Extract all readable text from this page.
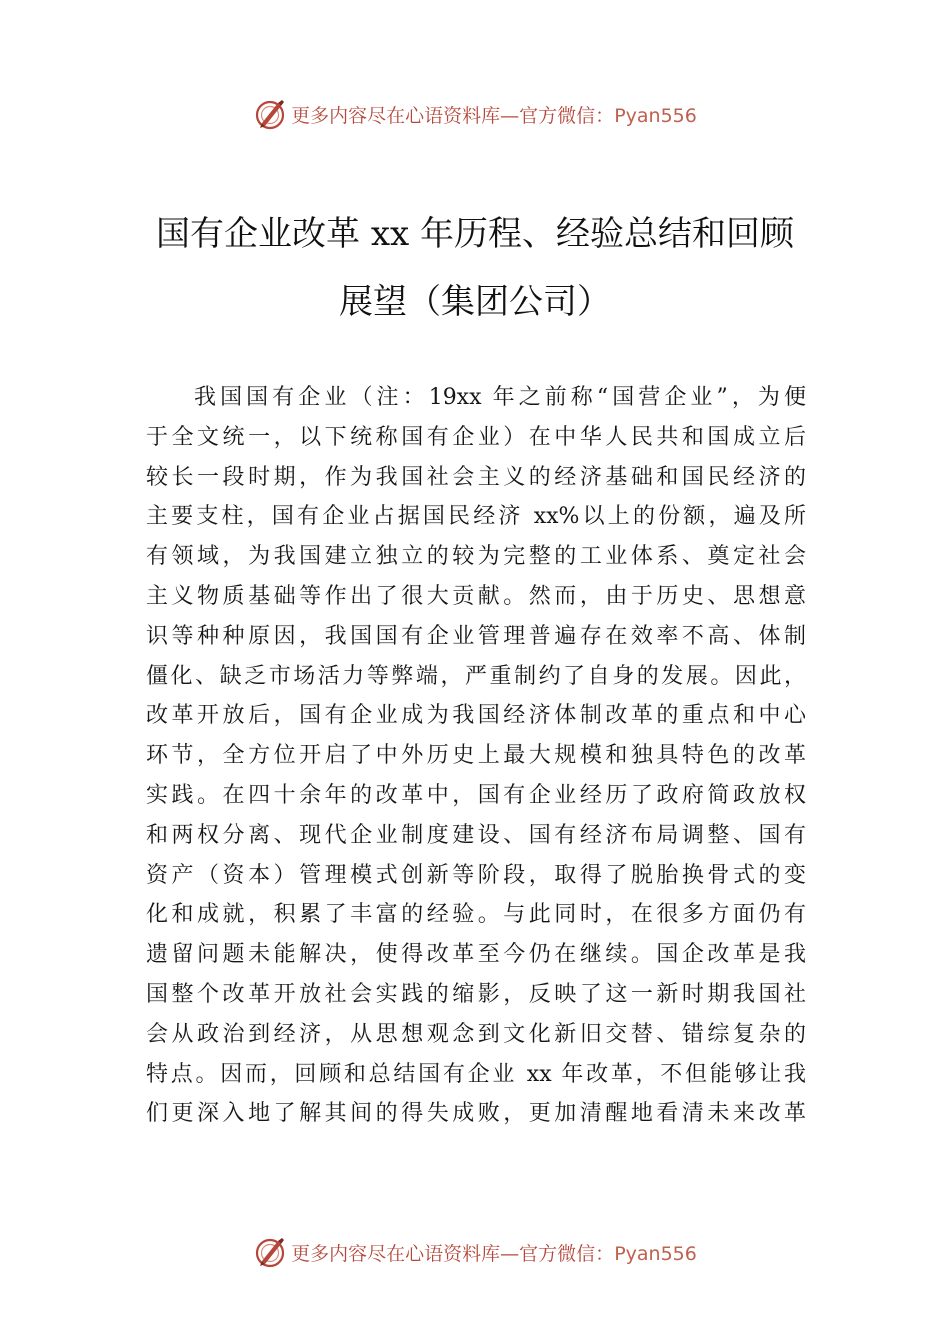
更多内容尽在心语资料库—官方微信：Pyan556
国有企业改革 xx 年历程、经验总结和回顾
展望（集团公司）
我国国有企业（注：19xx 年之前称“国营企业”，为便
于全文统一，以下统称国有企业）在中华人民共和国成立后
较长一段时期，作为我国社会主义的经济基础和国民经济的
主要支柱，国有企业占据国民经济 xx%以上的份额，遍及所
有领域，为我国建立独立的较为完整的工业体系、奠定社会
主义物质基础等作出了很大贡献。然而，由于历史、思想意
识等种种原因，我国国有企业管理普遍存在效率不高、体制
僵化、缺乏市场活力等弊端，严重制约了自身的发展。因此，
改革开放后，国有企业成为我国经济体制改革的重点和中心
环节，全方位开启了中外历史上最大规模和独具特色的改革
实践。在四十余年的改革中，国有企业经历了政府简政放权
和两权分离、现代企业制度建设、国有经济布局调整、国有
资产（资本）管理模式创新等阶段，取得了脱胎换骨式的变
化和成就，积累了丰富的经验。与此同时，在很多方面仍有
遗留问题未能解决，使得改革至今仍在继续。国企改革是我
国整个改革开放社会实践的缩影，反映了这一新时期我国社
会从政治到经济，从思想观念到文化新旧交替、错综复杂的
特点。因而，回顾和总结国有企业 xx 年改革，不但能够让我
们更深入地了解其间的得失成败，更加清醒地看清未来改革
更多内容尽在心语资料库—官方微信：Pyan556
